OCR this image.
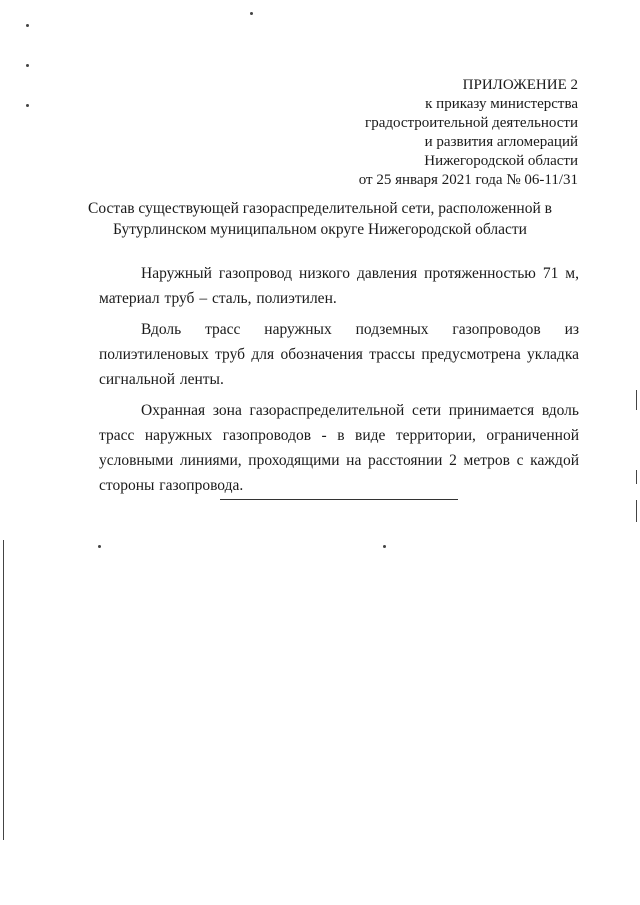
ПРИЛОЖЕНИЕ 2
к приказу министерства
градостроительной деятельности
и развития агломераций
Нижегородской области
от 25 января 2021 года № 06-11/31
Состав существующей газораспределительной сети, расположенной в
Бутурлинском муниципальном округе Нижегородской области

Наружный газопровод низкого давления протяженностью 71 м, материал труб – сталь, полиэтилен.

Вдоль трасс наружных подземных газопроводов из полиэтиленовых труб для обозначения трассы предусмотрена укладка сигнальной ленты.

Охранная зона газораспределительной сети принимается вдоль трасс наружных газопроводов - в виде территории, ограниченной условными линиями, проходящими на расстоянии 2 метров с каждой стороны газопровода.
